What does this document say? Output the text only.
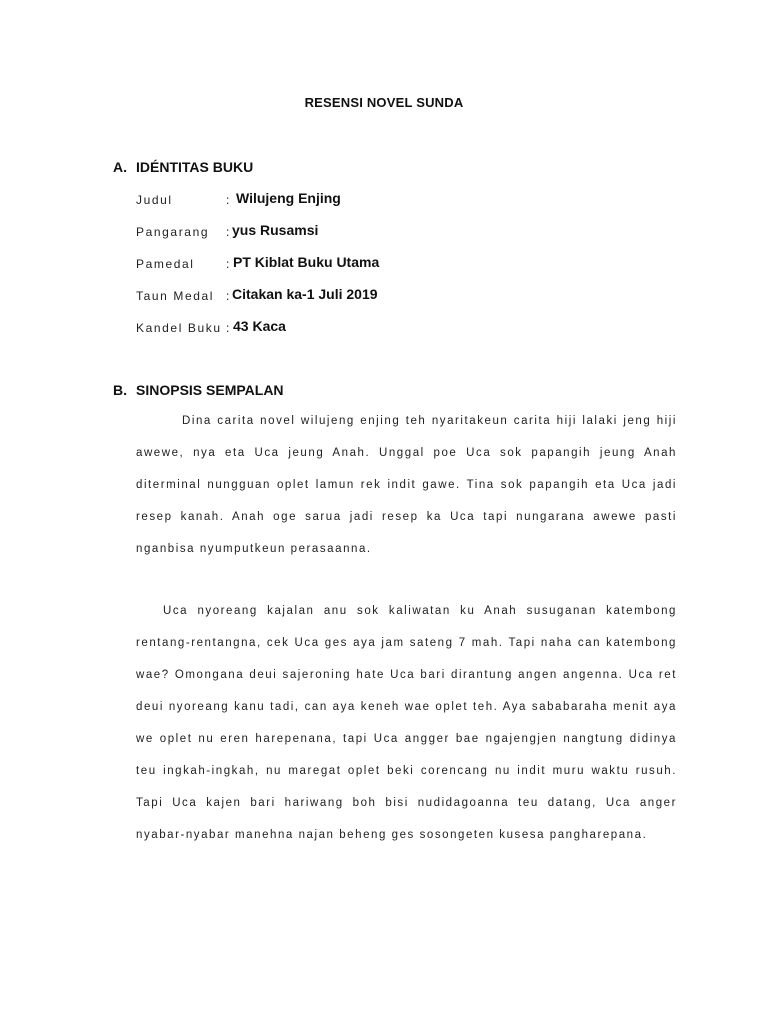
RESENSI NOVEL SUNDA
A. IDÉNTITAS BUKU
Judul	: Wilujeng Enjing
Pangarang : yus Rusamsi
Pamedal	: PT Kiblat Buku Utama
Taun Medal : Citakan ka-1 Juli 2019
Kandel Buku : 43 Kaca
B. SINOPSIS SEMPALAN
Dina carita novel wilujeng enjing teh nyaritakeun carita hiji lalaki jeng hiji
awewe, nya eta Uca jeung Anah. Unggal poe Uca sok papangih jeung Anah
diterminal nungguan oplet lamun rek indit gawe. Tina sok papangih eta Uca jadi
resep kanah. Anah oge sarua jadi resep ka Uca tapi nungarana awewe pasti
nganbisa nyumputkeun perasaanna.
Uca nyoreang kajalan anu sok kaliwatan ku Anah susuganan katembong
rentang-rentangna, cek Uca ges aya jam sateng 7 mah. Tapi naha can katembong
wae? Omongana deui sajeroning hate Uca bari dirantung angen angenna. Uca ret
deui nyoreang kanu tadi, can aya keneh wae oplet teh. Aya sababaraha menit aya
we oplet nu eren harepenana, tapi Uca angger bae ngajengjen nangtung didinya
teu ingkah-ingkah, nu maregat oplet beki corencang nu indit muru waktu rusuh.
Tapi Uca kajen bari hariwang boh bisi nudidagoanna teu datang, Uca anger
nyabar-nyabar manehna najan beheng ges sosongeten kusesa pangharepana.
